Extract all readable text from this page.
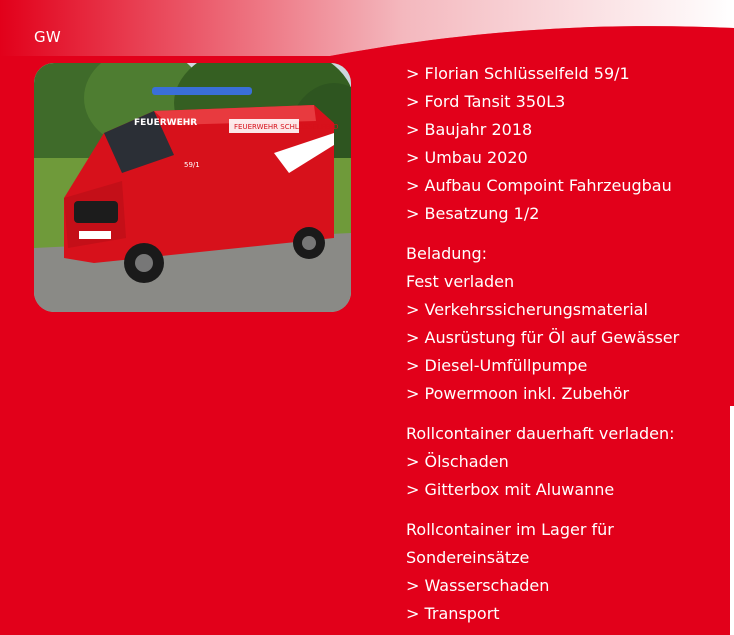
GW
FEUERWEHR SCHLÜSSELFELD
FEUERWEHR
59/1
> Florian Schlüsselfeld 59/1
> Ford Tansit 350L3
> Baujahr 2018
> Umbau 2020
> Aufbau Compoint Fahrzeugbau
> Besatzung 1/2
Beladung:
Fest verladen
> Verkehrssicherungsmaterial
> Ausrüstung für Öl auf Gewässer
> Diesel-Umfüllpumpe
> Powermoon inkl. Zubehör
Rollcontainer dauerhaft verladen:
> Ölschaden
> Gitterbox mit Aluwanne
Rollcontainer im Lager für
Sondereinsätze
> Wasserschaden
> Transport
